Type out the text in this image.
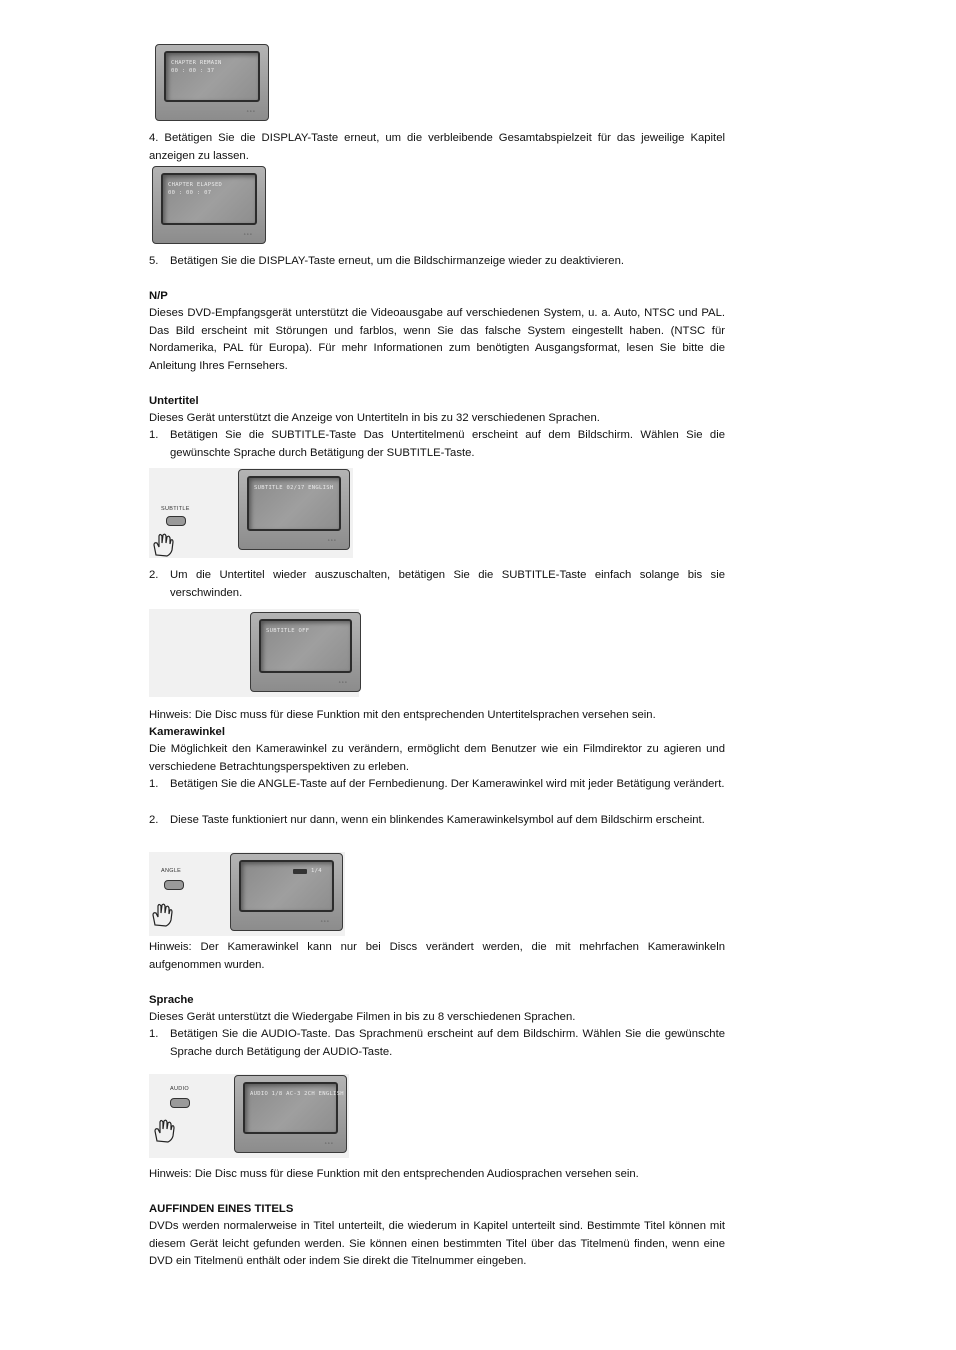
CHAPTER REMAIN
00 : 00 : 37
◦◦◦
4. Betätigen Sie die DISPLAY-Taste erneut, um die verbleibende Gesamtabspielzeit für das jeweilige Kapitel anzeigen zu lassen.
CHAPTER ELAPSED
00 : 00 : 07
◦◦◦
5.	Betätigen Sie die DISPLAY-Taste erneut, um die Bildschirmanzeige wieder zu deaktivieren.
N/P
Dieses DVD-Empfangsgerät unterstützt die Videoausgabe auf verschiedenen System, u. a. Auto, NTSC und PAL. Das Bild erscheint mit Störungen und farblos, wenn Sie das falsche System eingestellt haben. (NTSC für Nordamerika, PAL für Europa). Für mehr Informationen zum benötigten Ausgangsformat, lesen Sie bitte die Anleitung Ihres Fernsehers.
Untertitel
Dieses Gerät unterstützt die Anzeige von Untertiteln in bis zu 32 verschiedenen Sprachen.
1.	Betätigen Sie die SUBTITLE-Taste Das Untertitelmenü erscheint auf dem Bildschirm. Wählen Sie die gewünschte Sprache durch Betätigung der SUBTITLE-Taste.
SUBTITLE
SUBTITLE 02/17 ENGLISH
◦◦◦
2.	Um die Untertitel wieder auszuschalten, betätigen Sie die SUBTITLE-Taste einfach solange bis sie verschwinden.
SUBTITLE OFF
◦◦◦
Hinweis: Die Disc muss für diese Funktion mit den entsprechenden Untertitelsprachen versehen sein.
Kamerawinkel
Die Möglichkeit den Kamerawinkel zu verändern, ermöglicht dem Benutzer wie ein Filmdirektor zu agieren und verschiedene Betrachtungsperspektiven zu erleben.
1.	Betätigen Sie die ANGLE-Taste auf der Fernbedienung. Der Kamerawinkel wird mit jeder Betätigung verändert.
2.	Diese Taste funktioniert nur dann, wenn ein blinkendes Kamerawinkelsymbol auf dem Bildschirm erscheint.
ANGLE	1/4
◦◦◦
Hinweis: Der Kamerawinkel kann nur bei Discs verändert werden, die mit mehrfachen Kamerawinkeln aufgenommen wurden.
Sprache
Dieses Gerät unterstützt die Wiedergabe Filmen in bis zu 8 verschiedenen Sprachen.
1.	Betätigen Sie die AUDIO-Taste. Das Sprachmenü erscheint auf dem Bildschirm. Wählen Sie die gewünschte Sprache durch Betätigung der AUDIO-Taste.
AUDIO
AUDIO 1/8 AC-3 2CH ENGLISH
◦◦◦
Hinweis: Die Disc muss für diese Funktion mit den entsprechenden Audiosprachen versehen sein.
AUFFINDEN EINES TITELS
DVDs werden normalerweise in Titel unterteilt, die wiederum in Kapitel unterteilt sind. Bestimmte Titel können mit diesem Gerät leicht gefunden werden. Sie können einen bestimmten Titel über das Titelmenü finden, wenn eine DVD ein Titelmenü enthält oder indem Sie direkt die Titelnummer eingeben.
